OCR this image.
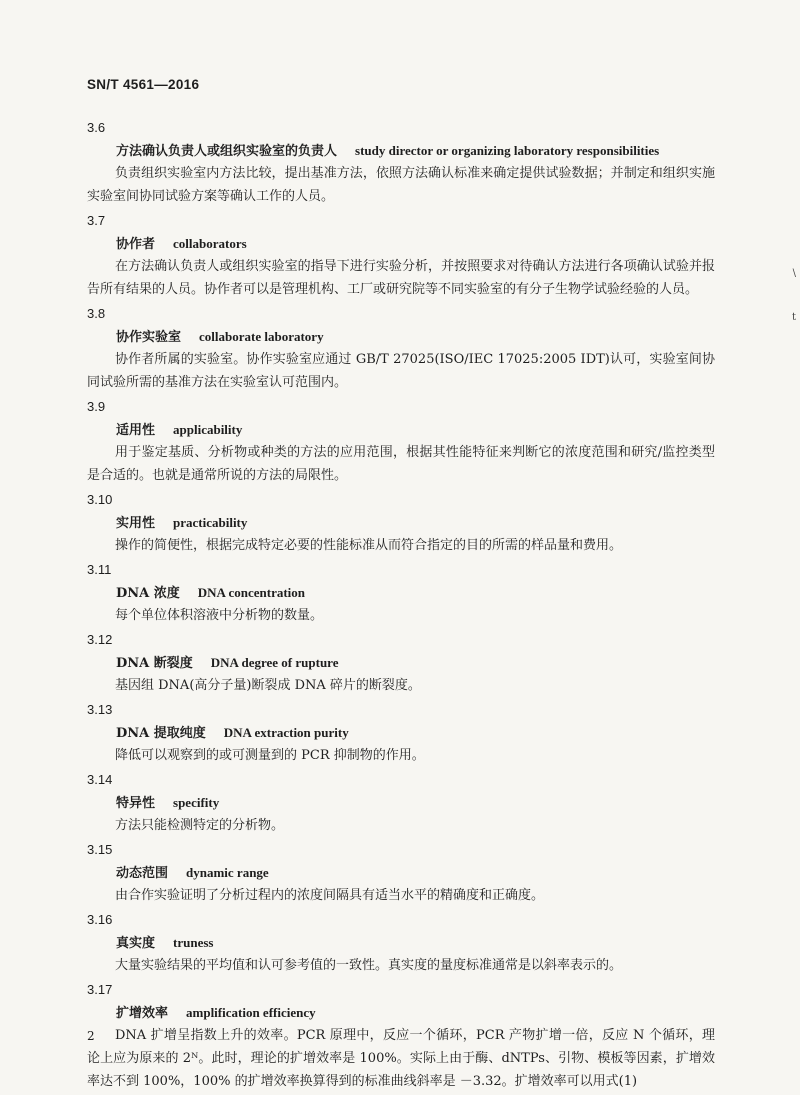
SN/T 4561—2016
3.6
方法确认负责人或组织实验室的负责人 study director or organizing laboratory responsibilities

负责组织实验室内方法比较，提出基准方法，依照方法确认标准来确定提供试验数据；并制定和组织实施实验室间协同试验方案等确认工作的人员。

3.7
协作者 collaborators

在方法确认负责人或组织实验室的指导下进行实验分析，并按照要求对待确认方法进行各项确认试验并报告所有结果的人员。协作者可以是管理机构、工厂或研究院等不同实验室的有分子生物学试验经验的人员。

3.8
协作实验室 collaborate laboratory

协作者所属的实验室。协作实验室应通过 GB/T 27025(ISO/IEC 17025:2005 IDT)认可，实验室间协同试验所需的基准方法在实验室认可范围内。

3.9
适用性 applicability

用于鉴定基质、分析物或种类的方法的应用范围，根据其性能特征来判断它的浓度范围和研究/监控类型是合适的。也就是通常所说的方法的局限性。

3.10
实用性 practicability

操作的简便性，根据完成特定必要的性能标准从而符合指定的目的所需的样品量和费用。

3.11
DNA 浓度 DNA concentration

每个单位体积溶液中分析物的数量。

3.12
DNA 断裂度 DNA degree of rupture

基因组 DNA(高分子量)断裂成 DNA 碎片的断裂度。

3.13
DNA 提取纯度 DNA extraction purity

降低可以观察到的或可测量到的 PCR 抑制物的作用。

3.14
特异性 specifity

方法只能检测特定的分析物。

3.15
动态范围 dynamic range

由合作实验证明了分析过程内的浓度间隔具有适当水平的精确度和正确度。

3.16
真实度 truness

大量实验结果的平均值和认可参考值的一致性。真实度的量度标准通常是以斜率表示的。

3.17
扩增效率 amplification efficiency

DNA 扩增呈指数上升的效率。PCR 原理中，反应一个循环，PCR 产物扩增一倍，反应 N 个循环，理论上应为原来的 2ᴺ。此时，理论的扩增效率是 100%。实际上由于酶、dNTPs、引物、模板等因素，扩增效率达不到 100%，100% 的扩增效率换算得到的标准曲线斜率是 －3.32。扩增效率可以用式(1)

2
\
t
